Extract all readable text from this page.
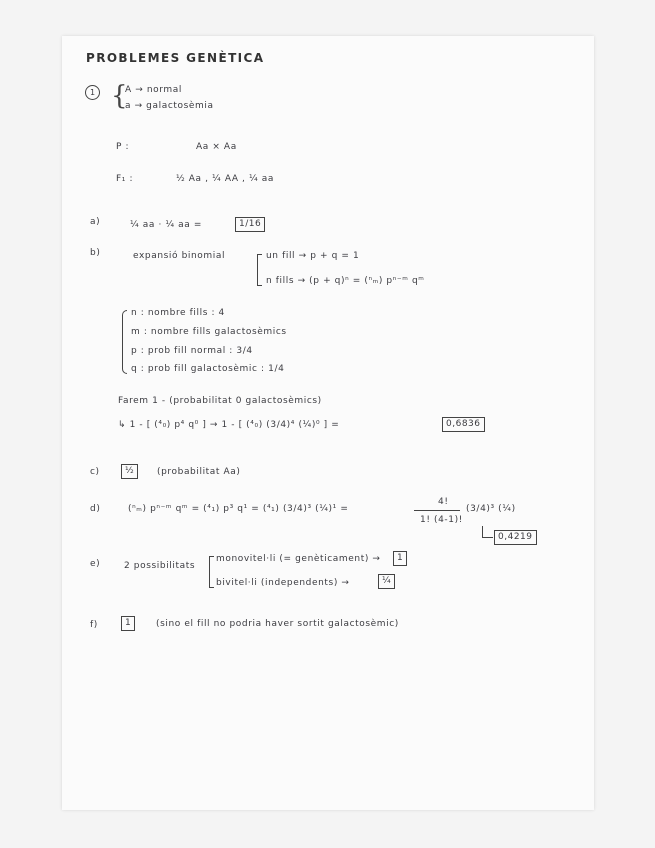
PROBLEMES GENÈTICA
1 {
A → normal
a → galactosèmia
P :	Aa × Aa
F₁ :	½ Aa , ¼ AA , ¼ aa
a)	¼ aa · ¼ aa =	1/16
b)	expansió binomial	un fill → p + q = 1
n fills → (p + q)ⁿ = (ⁿₘ) pⁿ⁻ᵐ qᵐ
n : nombre fills : 4
m : nombre fills galactosèmics
p : prob fill normal : 3/4
q : prob fill galactosèmic : 1/4
Farem 1 - (probabilitat 0 galactosèmics)
↳ 1 - [ (⁴₀) p⁴ q⁰ ] → 1 - [ (⁴₀) (3/4)⁴ (¼)⁰ ] =	0,6836
c)	½	(probabilitat Aa)
d)	(ⁿₘ) pⁿ⁻ᵐ qᵐ = (⁴₁) p³ q¹ = (⁴₁) (3/4)³ (¼)¹ =
4!
1! (4-1)!
(3/4)³ (¼)
0,4219
e)	2 possibilitats
monovitel·li (= genèticament) →	1
bivitel·li (independents) →	¼
f)	1	(sino el fill no podria haver sortit galactosèmic)
